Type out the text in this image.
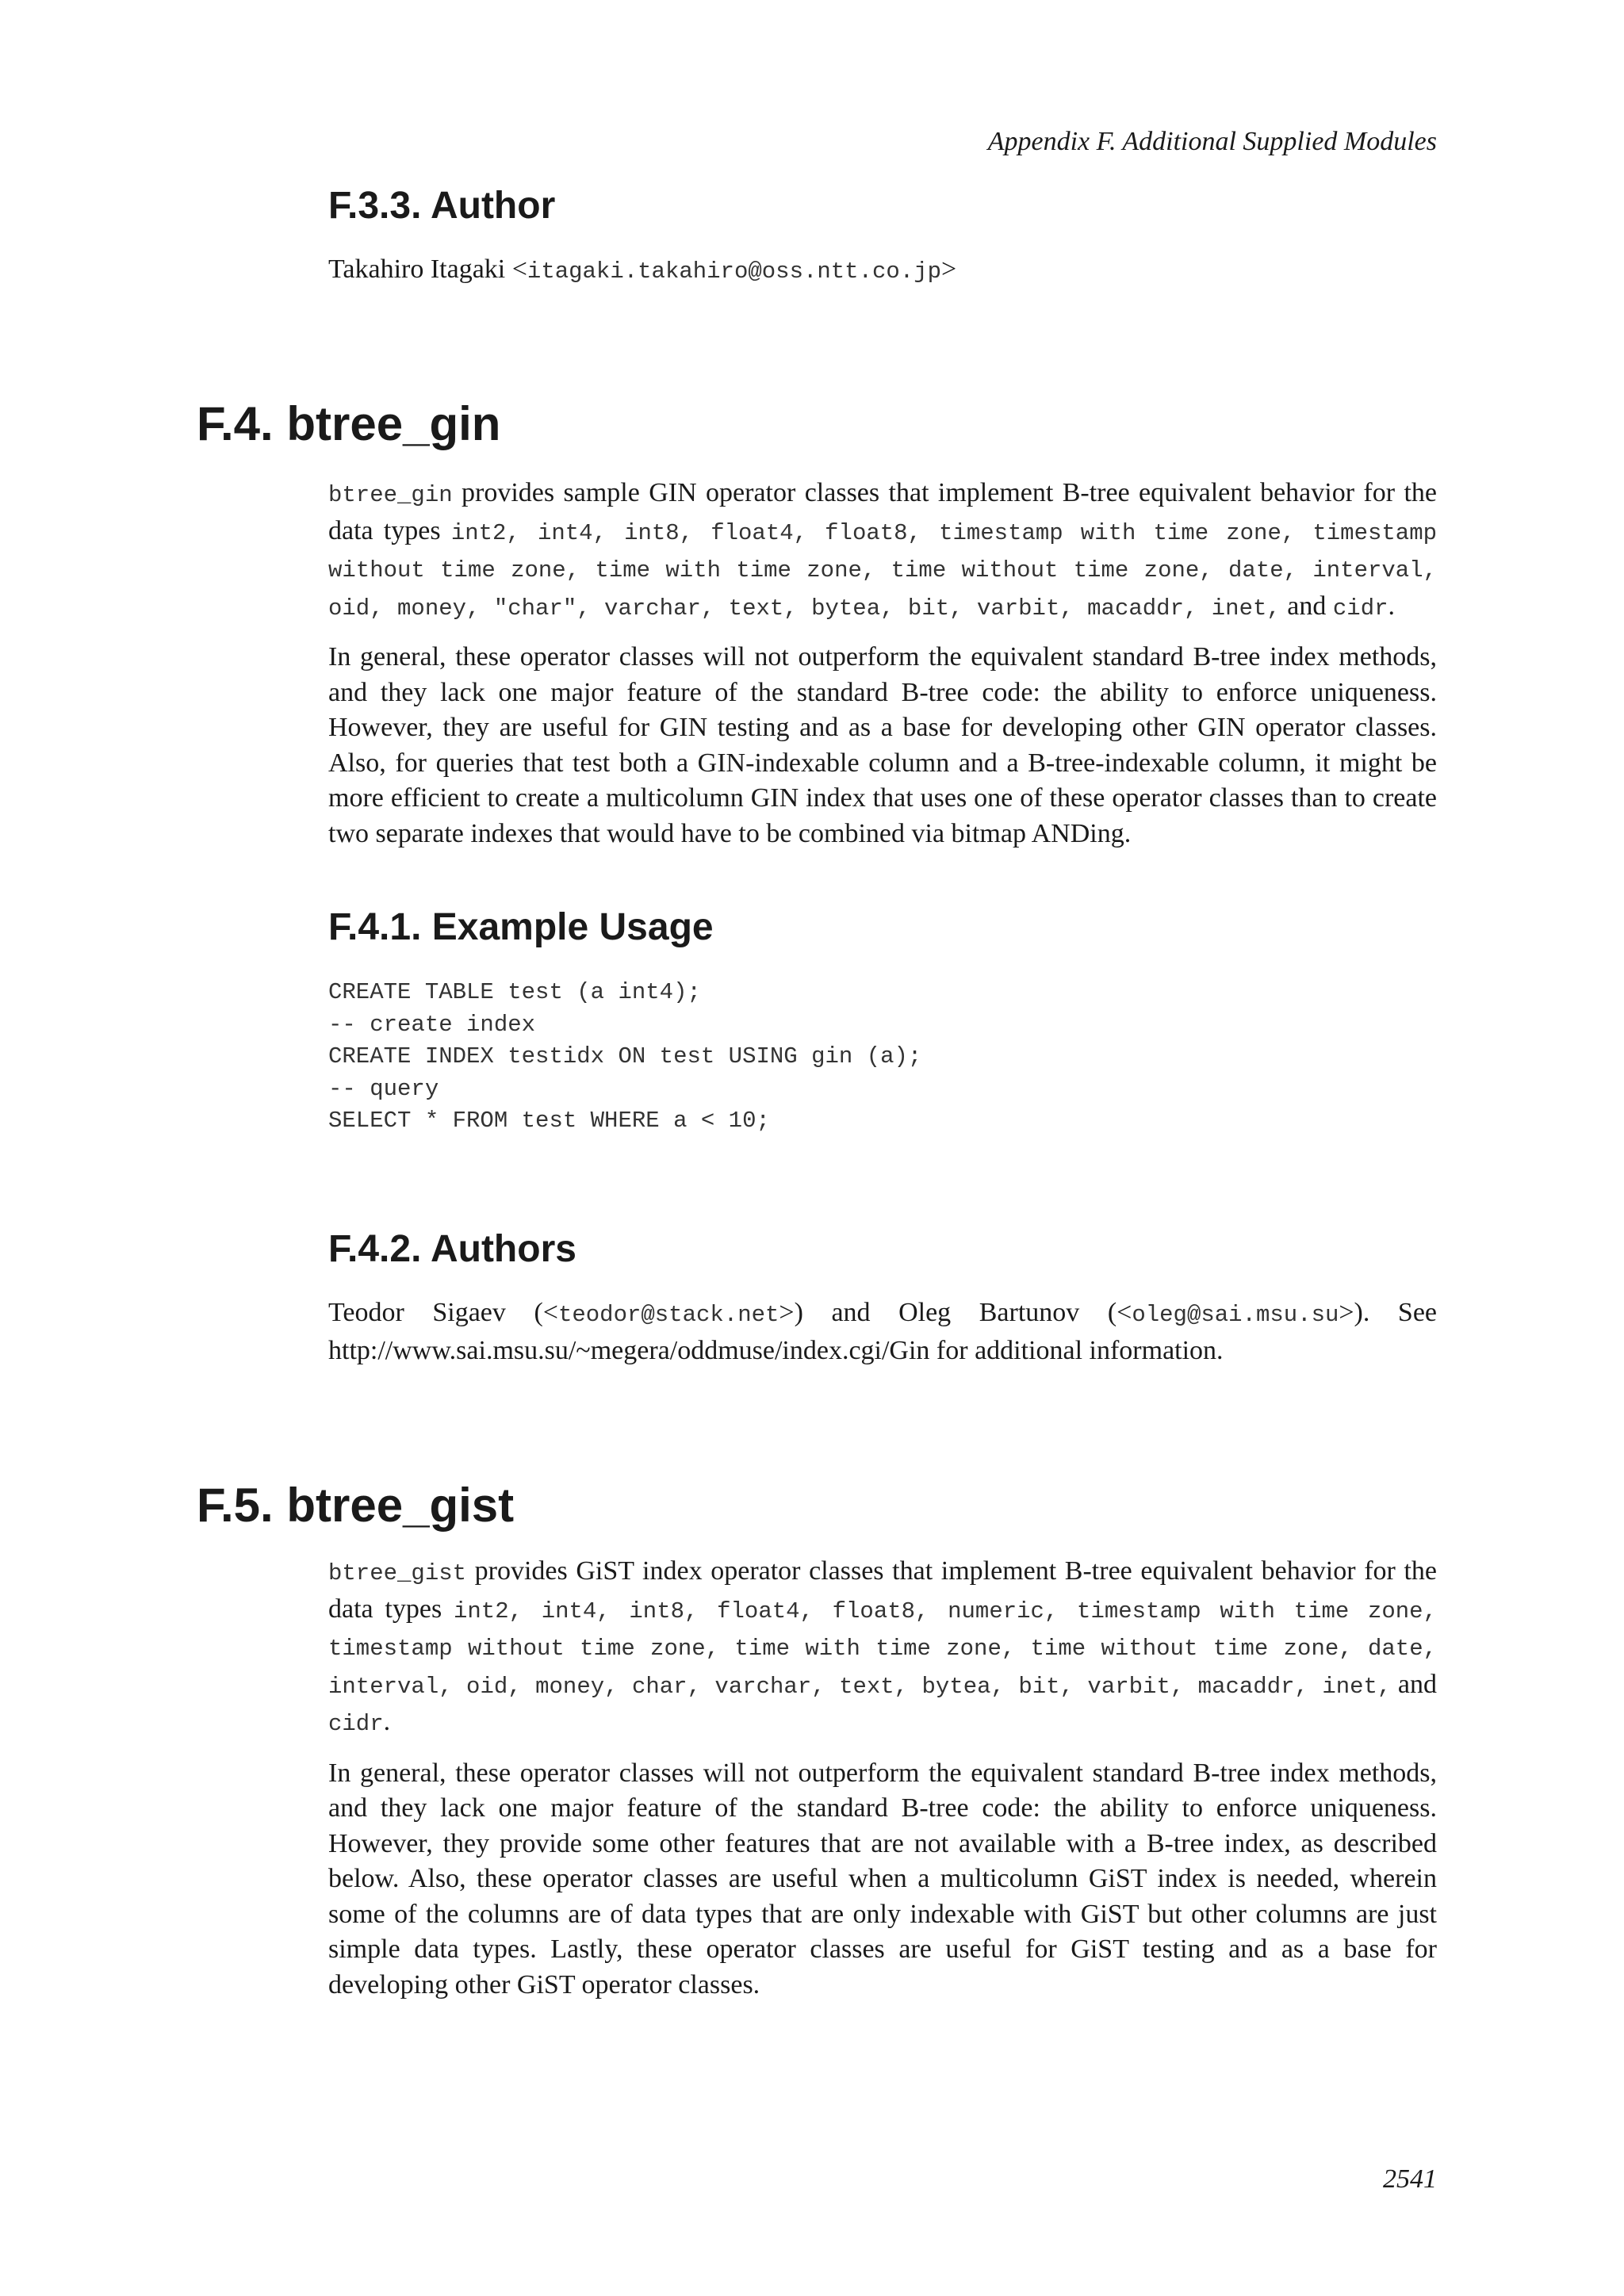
Appendix F. Additional Supplied Modules
F.3.3. Author
Takahiro Itagaki <itagaki.takahiro@oss.ntt.co.jp>
F.4. btree_gin

btree_gin provides sample GIN operator classes that implement B-tree equivalent behavior for the data types int2, int4, int8, float4, float8, timestamp with time zone, timestamp without time zone, time with time zone, time without time zone, date, interval, oid, money, "char", varchar, text, bytea, bit, varbit, macaddr, inet, and cidr.

In general, these operator classes will not outperform the equivalent standard B-tree index methods, and they lack one major feature of the standard B-tree code: the ability to enforce uniqueness. However, they are useful for GIN testing and as a base for developing other GIN operator classes. Also, for queries that test both a GIN-indexable column and a B-tree-indexable column, it might be more efficient to create a multicolumn GIN index that uses one of these operator classes than to create two separate indexes that would have to be combined via bitmap ANDing.

F.4.1. Example Usage
CREATE TABLE test (a int4);
-- create index
CREATE INDEX testidx ON test USING gin (a);
-- query
SELECT * FROM test WHERE a < 10;
F.4.2. Authors
Teodor Sigaev (<teodor@stack.net>) and Oleg Bartunov (<oleg@sai.msu.su>). See http://www.sai.msu.su/~megera/oddmuse/index.cgi/Gin for additional information.
F.5. btree_gist

btree_gist provides GiST index operator classes that implement B-tree equivalent behavior for the data types int2, int4, int8, float4, float8, numeric, timestamp with time zone, timestamp without time zone, time with time zone, time without time zone, date, interval, oid, money, char, varchar, text, bytea, bit, varbit, macaddr, inet, and cidr.

In general, these operator classes will not outperform the equivalent standard B-tree index methods, and they lack one major feature of the standard B-tree code: the ability to enforce uniqueness. However, they provide some other features that are not available with a B-tree index, as described below. Also, these operator classes are useful when a multicolumn GiST index is needed, wherein some of the columns are of data types that are only indexable with GiST but other columns are just simple data types. Lastly, these operator classes are useful for GiST testing and as a base for developing other GiST operator classes.

2541
